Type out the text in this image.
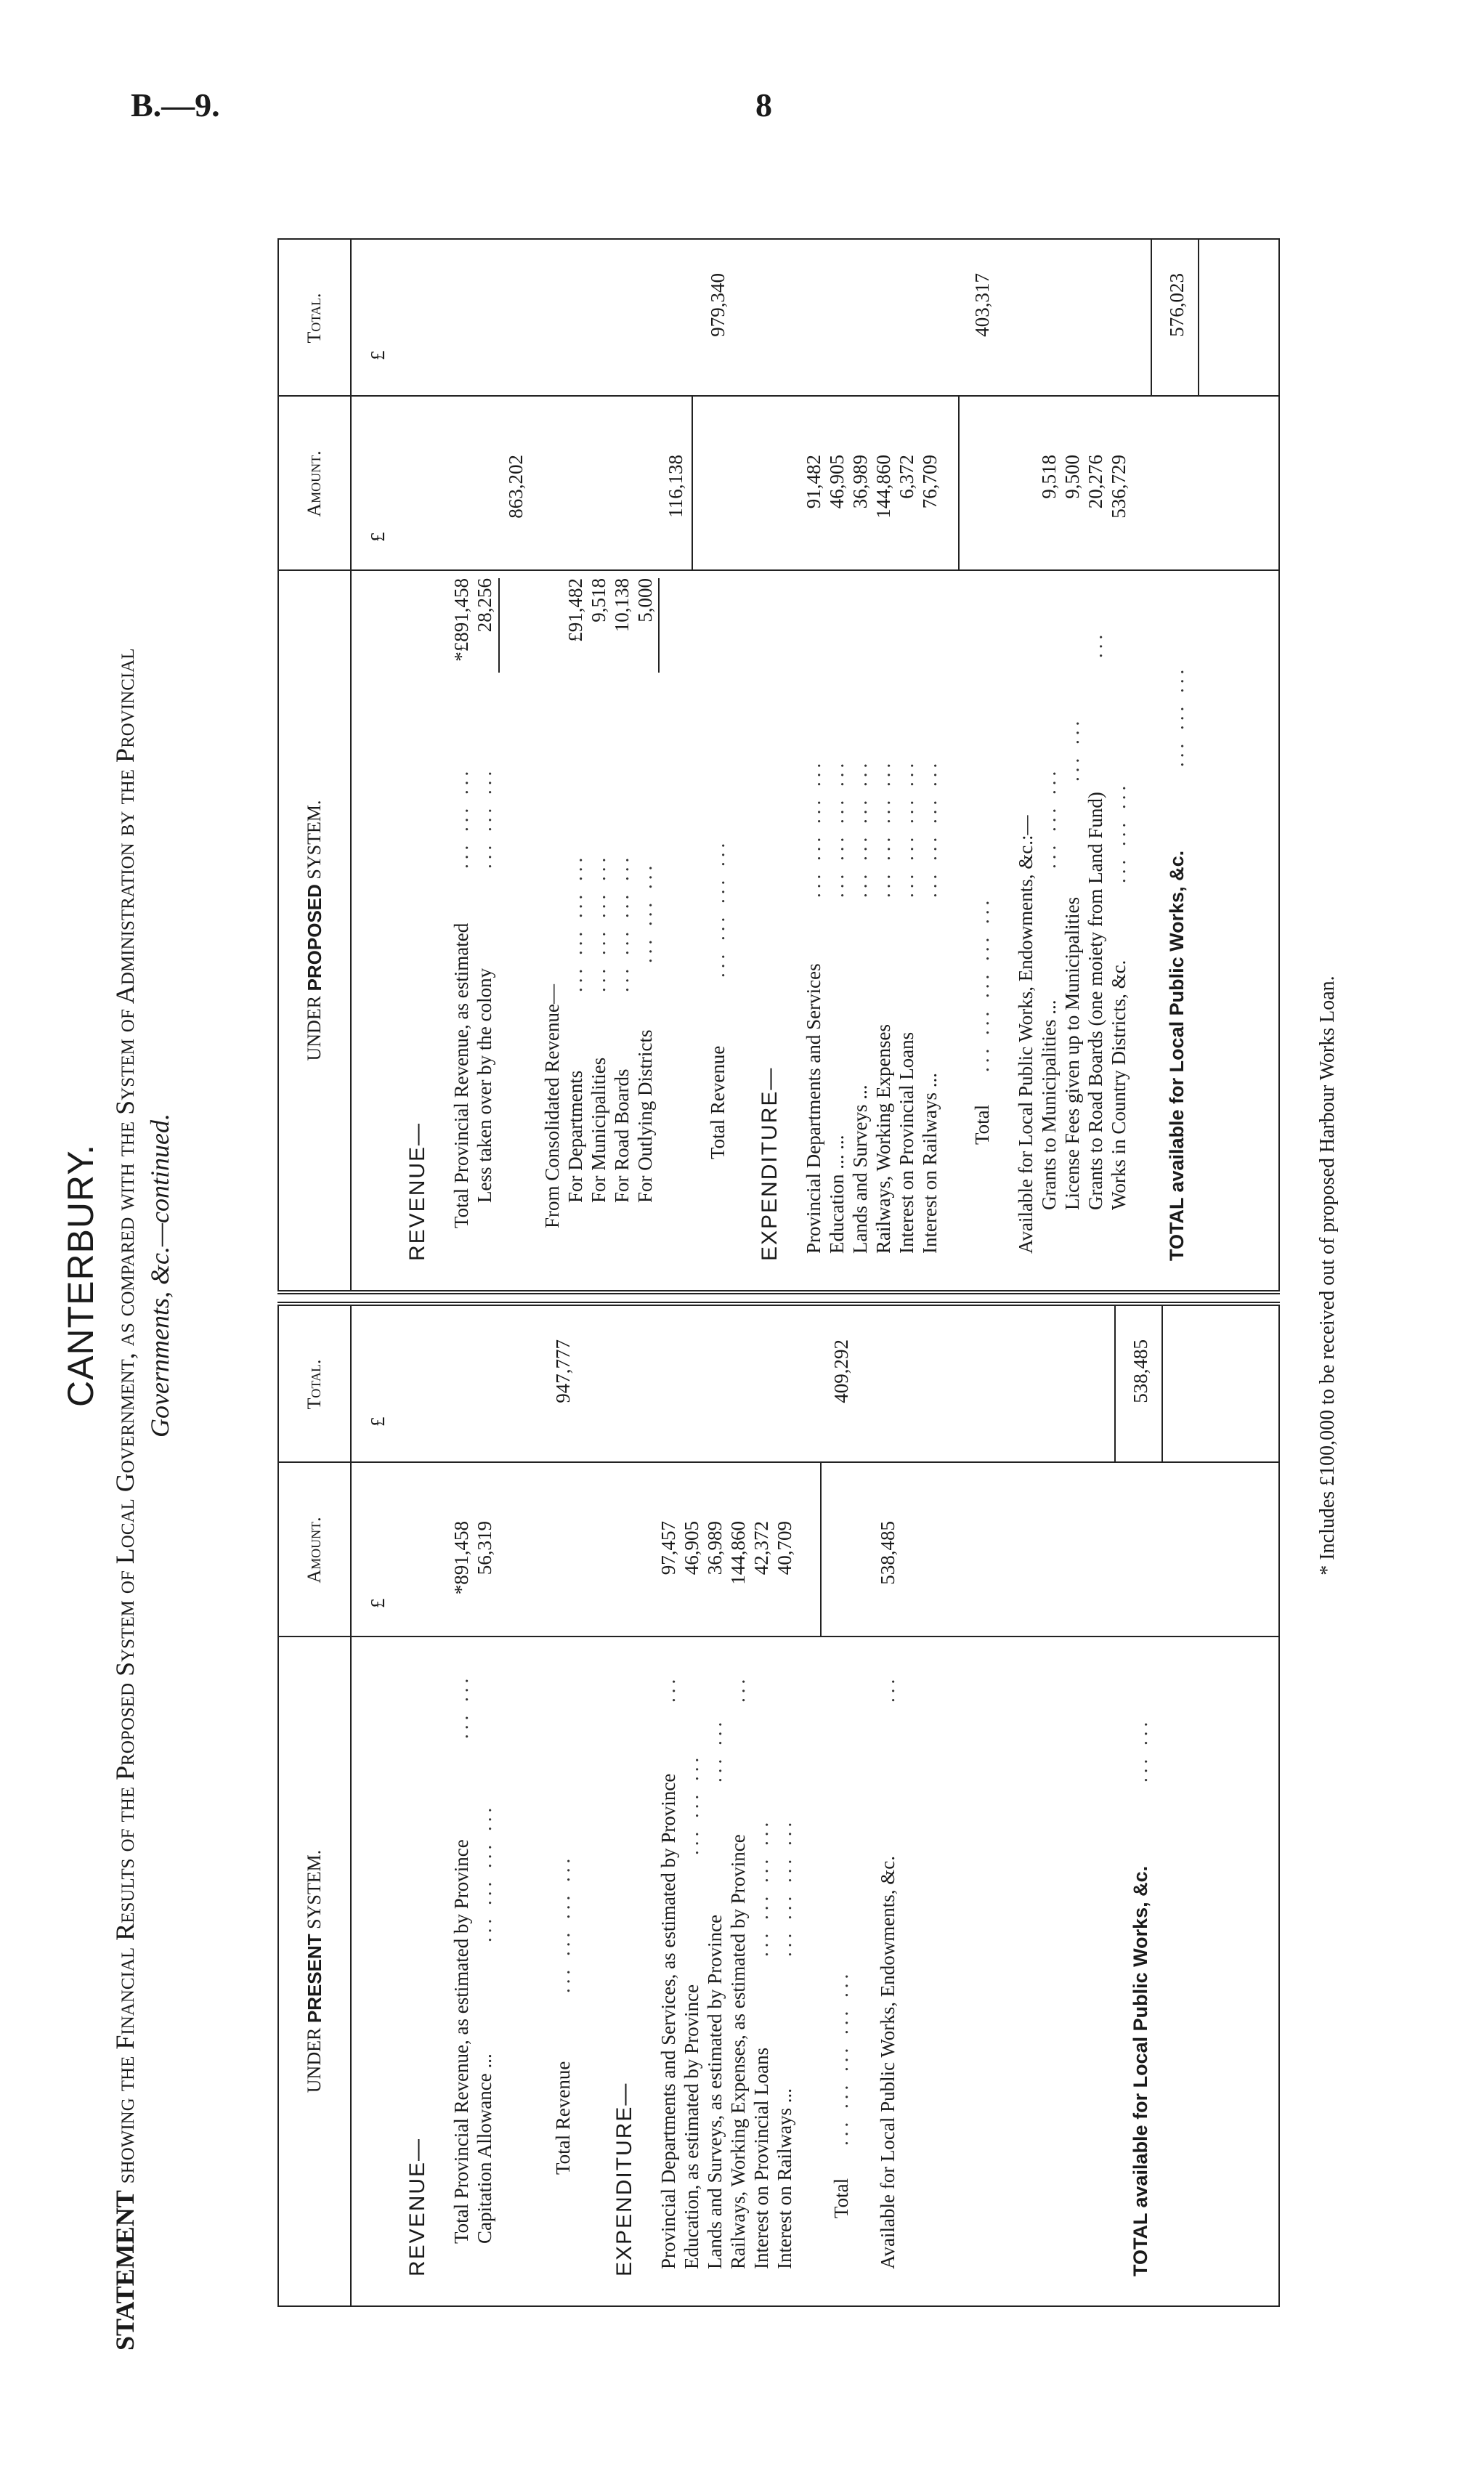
B.—9.	8
CANTERBURY.
STATEMENT showing the Financial Results of the Proposed System of Local Government, as compared with the System of Administration by the Provincial Governments, &c.—continued.
UNDER

PRESENT

SYSTEM.
Amount.
Total.
£
£
REVENUE— Total Provincial Revenue, as estimated by Province
... ...
*891,458
Capitation Allowance ...
... ... ... ...
56,319
Total Revenue
... ... ... ...
947,777
EXPENDITURE— Provincial Departments and Services, as estimated by Province
...
97,457
Education, as estimated by Province
... ... ...
46,905
Lands and Surveys, as estimated by Province
... ...
36,989
Railways, Working Expenses, as estimated by Province
...
144,860
Interest on Provincial Loans
... ... ... ...
42,372
Interest on Railways ...
... ... ... ...
40,709
Total
... ... ... ... ...
409,292
Available for Local Public Works, Endowments, &c.
...
538,485
TOTAL available for Local Public Works, &c.
... ...
538,485
UNDER

PROPOSED

SYSTEM.
Amount.
Total.
£
£
REVENUE— Total Provincial Revenue, as estimated
... ... ...
*£891,458
Less taken over by the colony
... ... ...
28,256
863,202
From Consolidated Revenue— For Departments
... ... ... ...
£91,482
For Municipalities
... ... ... ...
9,518
For Road Boards
... ... ... ...
10,138
For Outlying Districts
... ... ...
5,000
116,138
Total Revenue
... ... ... ...
979,340
EXPENDITURE— Provincial Departments and Services
... ... ... ...
91,482
Education ... ...
... ... ... ...
46,905
Lands and Surveys ...
... ... ... ...
36,989
Railways, Working Expenses
... ... ... ...
144,860
Interest on Provincial Loans
... ... ... ...
6,372
Interest on Railways ...
... ... ... ...
76,709
Total
... ... ... ... ...
403,317
Available for Local Public Works, Endowments, &c.:— Grants to Municipalities ...
... ... ...
9,518
License Fees given up to Municipalities
... ...
9,500
Grants to Road Boards (one moiety from Land Fund)
...
20,276
Works in Country Districts, &c.
... ... ...
536,729
TOTAL available for Local Public Works, &c.
... ... ...
576,023
* Includes £100,000 to be received out of proposed Harbour Works Loan.
